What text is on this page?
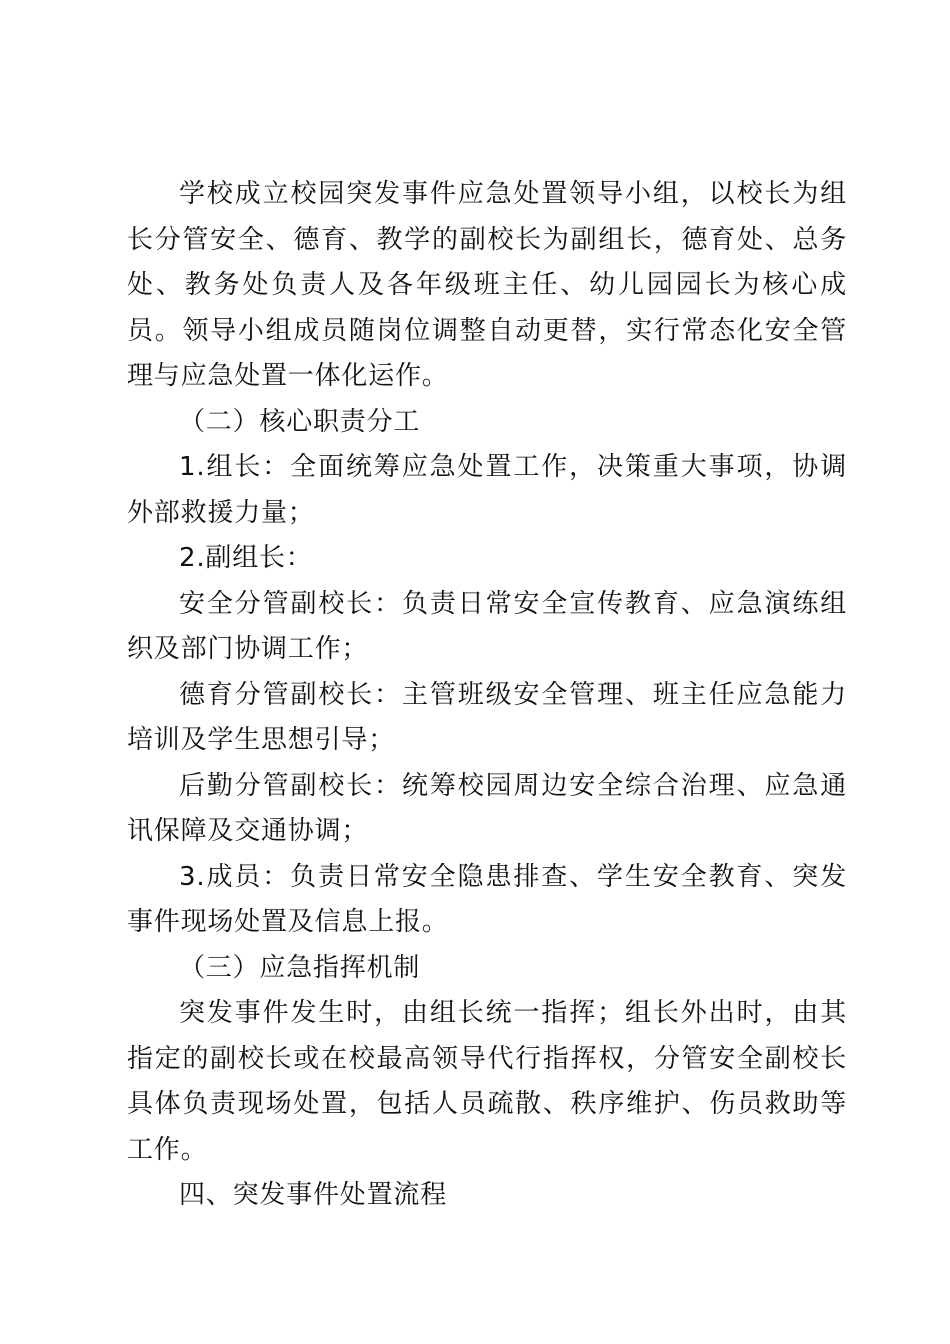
学校成立校园突发事件应急处置领导小组，以校长为组长分管安全、德育、教学的副校长为副组长，德育处、总务处、教务处负责人及各年级班主任、幼儿园园长为核心成员。领导小组成员随岗位调整自动更替，实行常态化安全管理与应急处置一体化运作。

（二）核心职责分工

1.组长：全面统筹应急处置工作，决策重大事项，协调外部救援力量；

2.副组长：

安全分管副校长：负责日常安全宣传教育、应急演练组织及部门协调工作；

德育分管副校长：主管班级安全管理、班主任应急能力培训及学生思想引导；

后勤分管副校长：统筹校园周边安全综合治理、应急通讯保障及交通协调；

3.成员：负责日常安全隐患排查、学生安全教育、突发事件现场处置及信息上报。

（三）应急指挥机制

突发事件发生时，由组长统一指挥；组长外出时，由其指定的副校长或在校最高领导代行指挥权，分管安全副校长具体负责现场处置，包括人员疏散、秩序维护、伤员救助等工作。

四、突发事件处置流程
